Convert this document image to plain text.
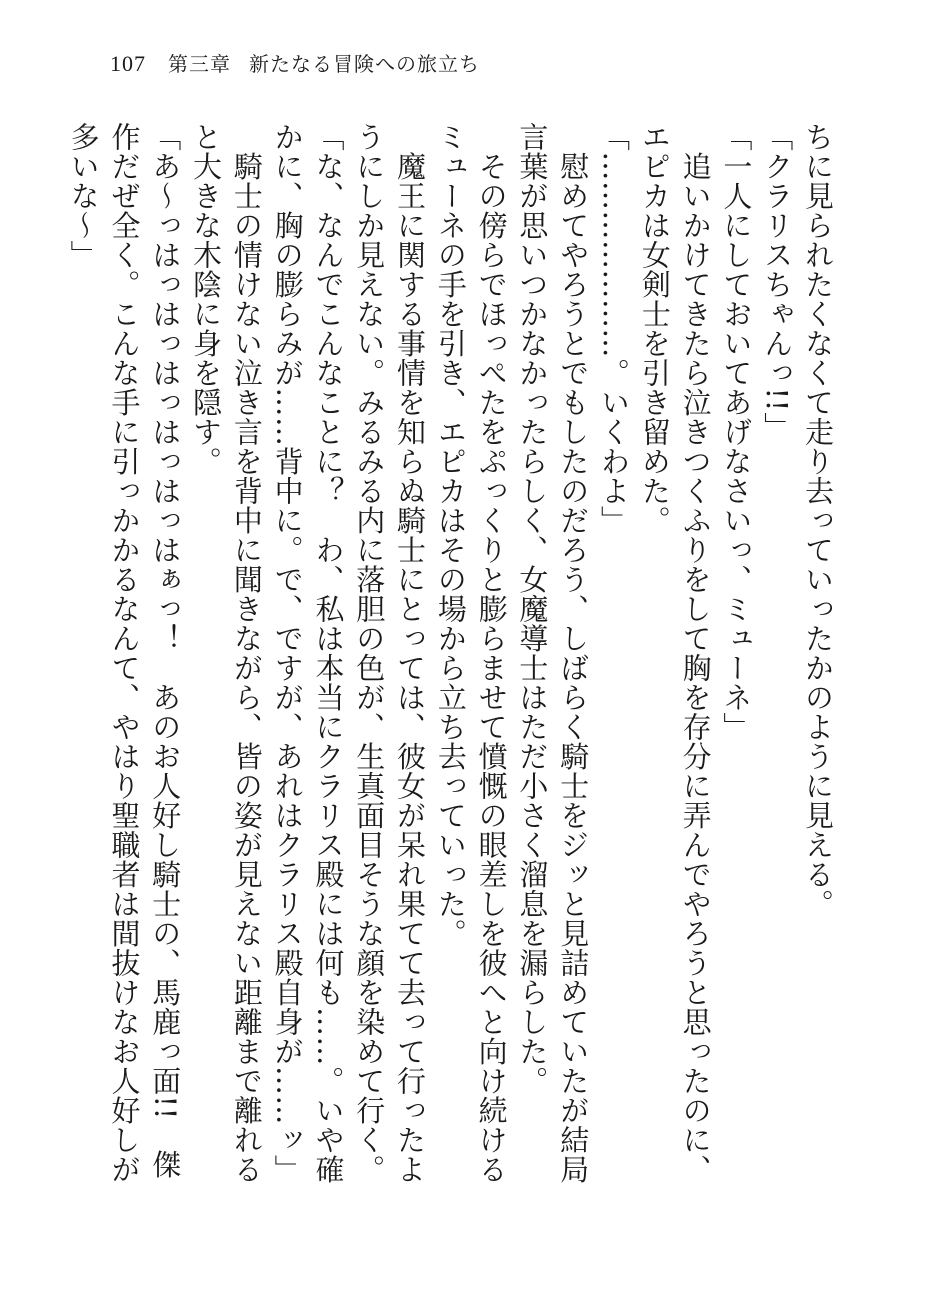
107 第三章 新たなる冒険への旅立ち

ちに見られたくなくて走り去っていったかのように見える。

「クラリスちゃんっ!!」

「一人にしておいてあげなさいっ、ミューネ」

　追いかけてきたら泣きつくふりをして胸を存分に弄んでやろうと思ったのに、エピカは女剣士を引き留めた。

「…………………。いくわよ」

　慰めてやろうとでもしたのだろう、しばらく騎士をジッと見詰めていたが結局言葉が思いつかなかったらしく、女魔導士はただ小さく溜息を漏らした。

　その傍らでほっぺたをぷっくりと膨らませて憤慨の眼差しを彼へと向け続けるミューネの手を引き、エピカはその場から立ち去っていった。

　魔王に関する事情を知らぬ騎士にとっては、彼女が呆れ果てて去って行ったようにしか見えない。みるみる内に落胆の色が、生真面目そうな顔を染めて行く。

「な、なんでこんなことに？　わ、私は本当にクラリス殿には何も……。いや確かに、胸の膨らみが……背中に。で、ですが、あれはクラリス殿自身が……ッ」

　騎士の情けない泣き言を背中に聞きながら、皆の姿が見えない距離まで離れると大きな木陰に身を隠す。

「あ〜っはっはっはっはっはっはぁっ！　あのお人好し騎士の、馬鹿っ面!!　傑作だぜ全く。こんな手に引っかかるなんて、やはり聖職者は間抜けなお人好しが多いな〜」
